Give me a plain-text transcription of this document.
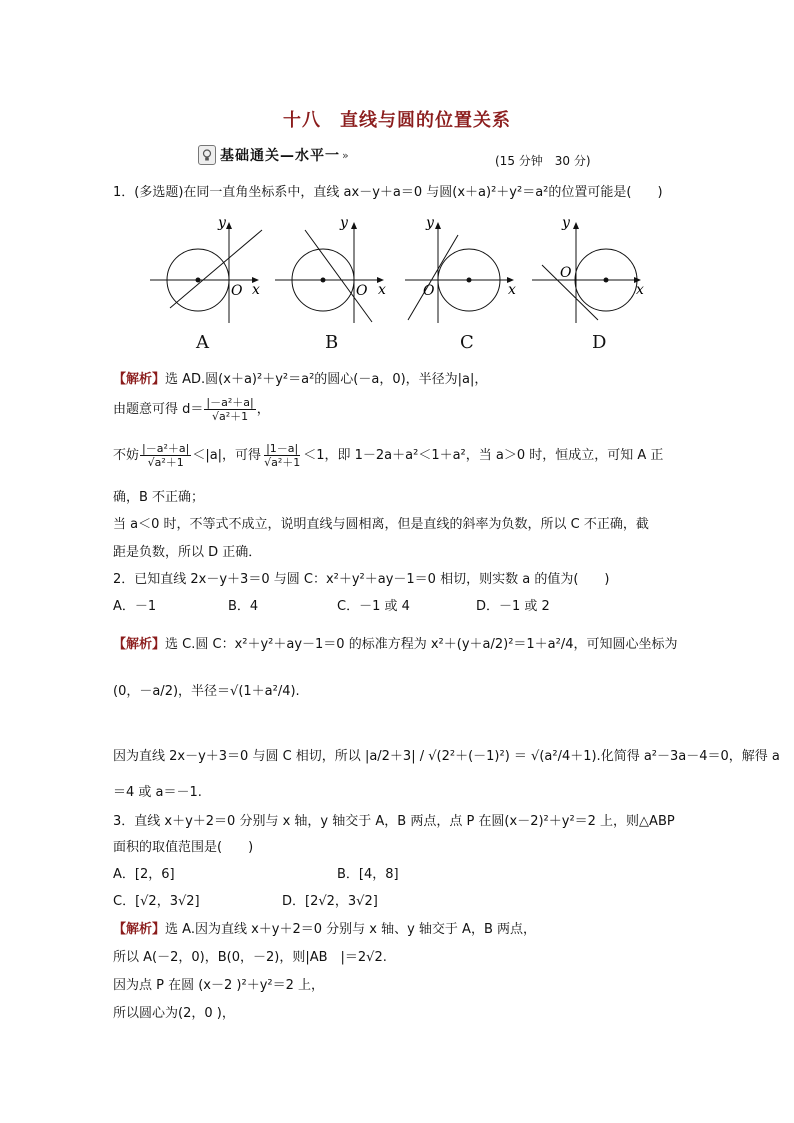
十八　直线与圆的位置关系
基础通关—水平一 »	(15 分钟　30 分)
1．(多选题)在同一直角坐标系中，直线 ax－y＋a＝0 与圆(x＋a)²＋y²＝a²的位置可能是(　　)
y
x
O
y
x
O
y
x
O
y
x
O
A	B	C	D
【解析】选 AD.圆(x＋a)²＋y²＝a²的圆心(－a，0)，半径为|a|，
由题意可得 $d= \frac{\text{|－a²＋a|}}{\text{√a²＋1}}$ ，
不妨 $\frac{\text{|－a²＋a|}}{\text{√a²＋1}} <|a|$，可得 $\frac{|1-a|}{\text{√a²＋1}} <1$，即 1－2a＋a²＜1＋a²，当 a＞0 时，恒成立，可知 A 正
确，B 不正确；
当 a＜0 时，不等式不成立，说明直线与圆相离，但是直线的斜率为负数，所以 C 不正确，截
距是负数，所以 D 正确．
2．已知直线 2x－y＋3＝0 与圆 C：x²＋y²＋ay－1＝0 相切，则实数 a 的值为(　　)
A．－1	B．4	C．－1 或 4	D．－1 或 2
【解析】选 C.圆 C：x²＋y²＋ay－1＝0 的标准方程为 x²＋(y＋a/2)²＝1＋a²/4，可知圆心坐标为
(0，－a/2)，半径＝√(1＋a²/4).
因为直线 2x－y＋3＝0 与圆 C 相切，所以 |a/2＋3| / √(2²＋(－1)²) ＝ √(a²/4＋1).化简得 a²－3a－4＝0，解得 a
＝4 或 a＝－1.
3．直线 x＋y＋2＝0 分别与 x 轴，y 轴交于 A，B 两点，点 P 在圆(x－2)²＋y²＝2 上，则△ABP
面积的取值范围是(　　)
A．[2，6]	B．[4，8]
C．[√2，3√2]	D．[2√2，3√2]
【解析】选 A.因为直线 x＋y＋2＝0 分别与 x 轴、y 轴交于 A，B 两点，
所以 A(－2，0)，B(0，－2)，则|AB　|＝2√2.
因为点 P 在圆 (x－2 )²＋y²＝2 上，
所以圆心为(2，0 )，
